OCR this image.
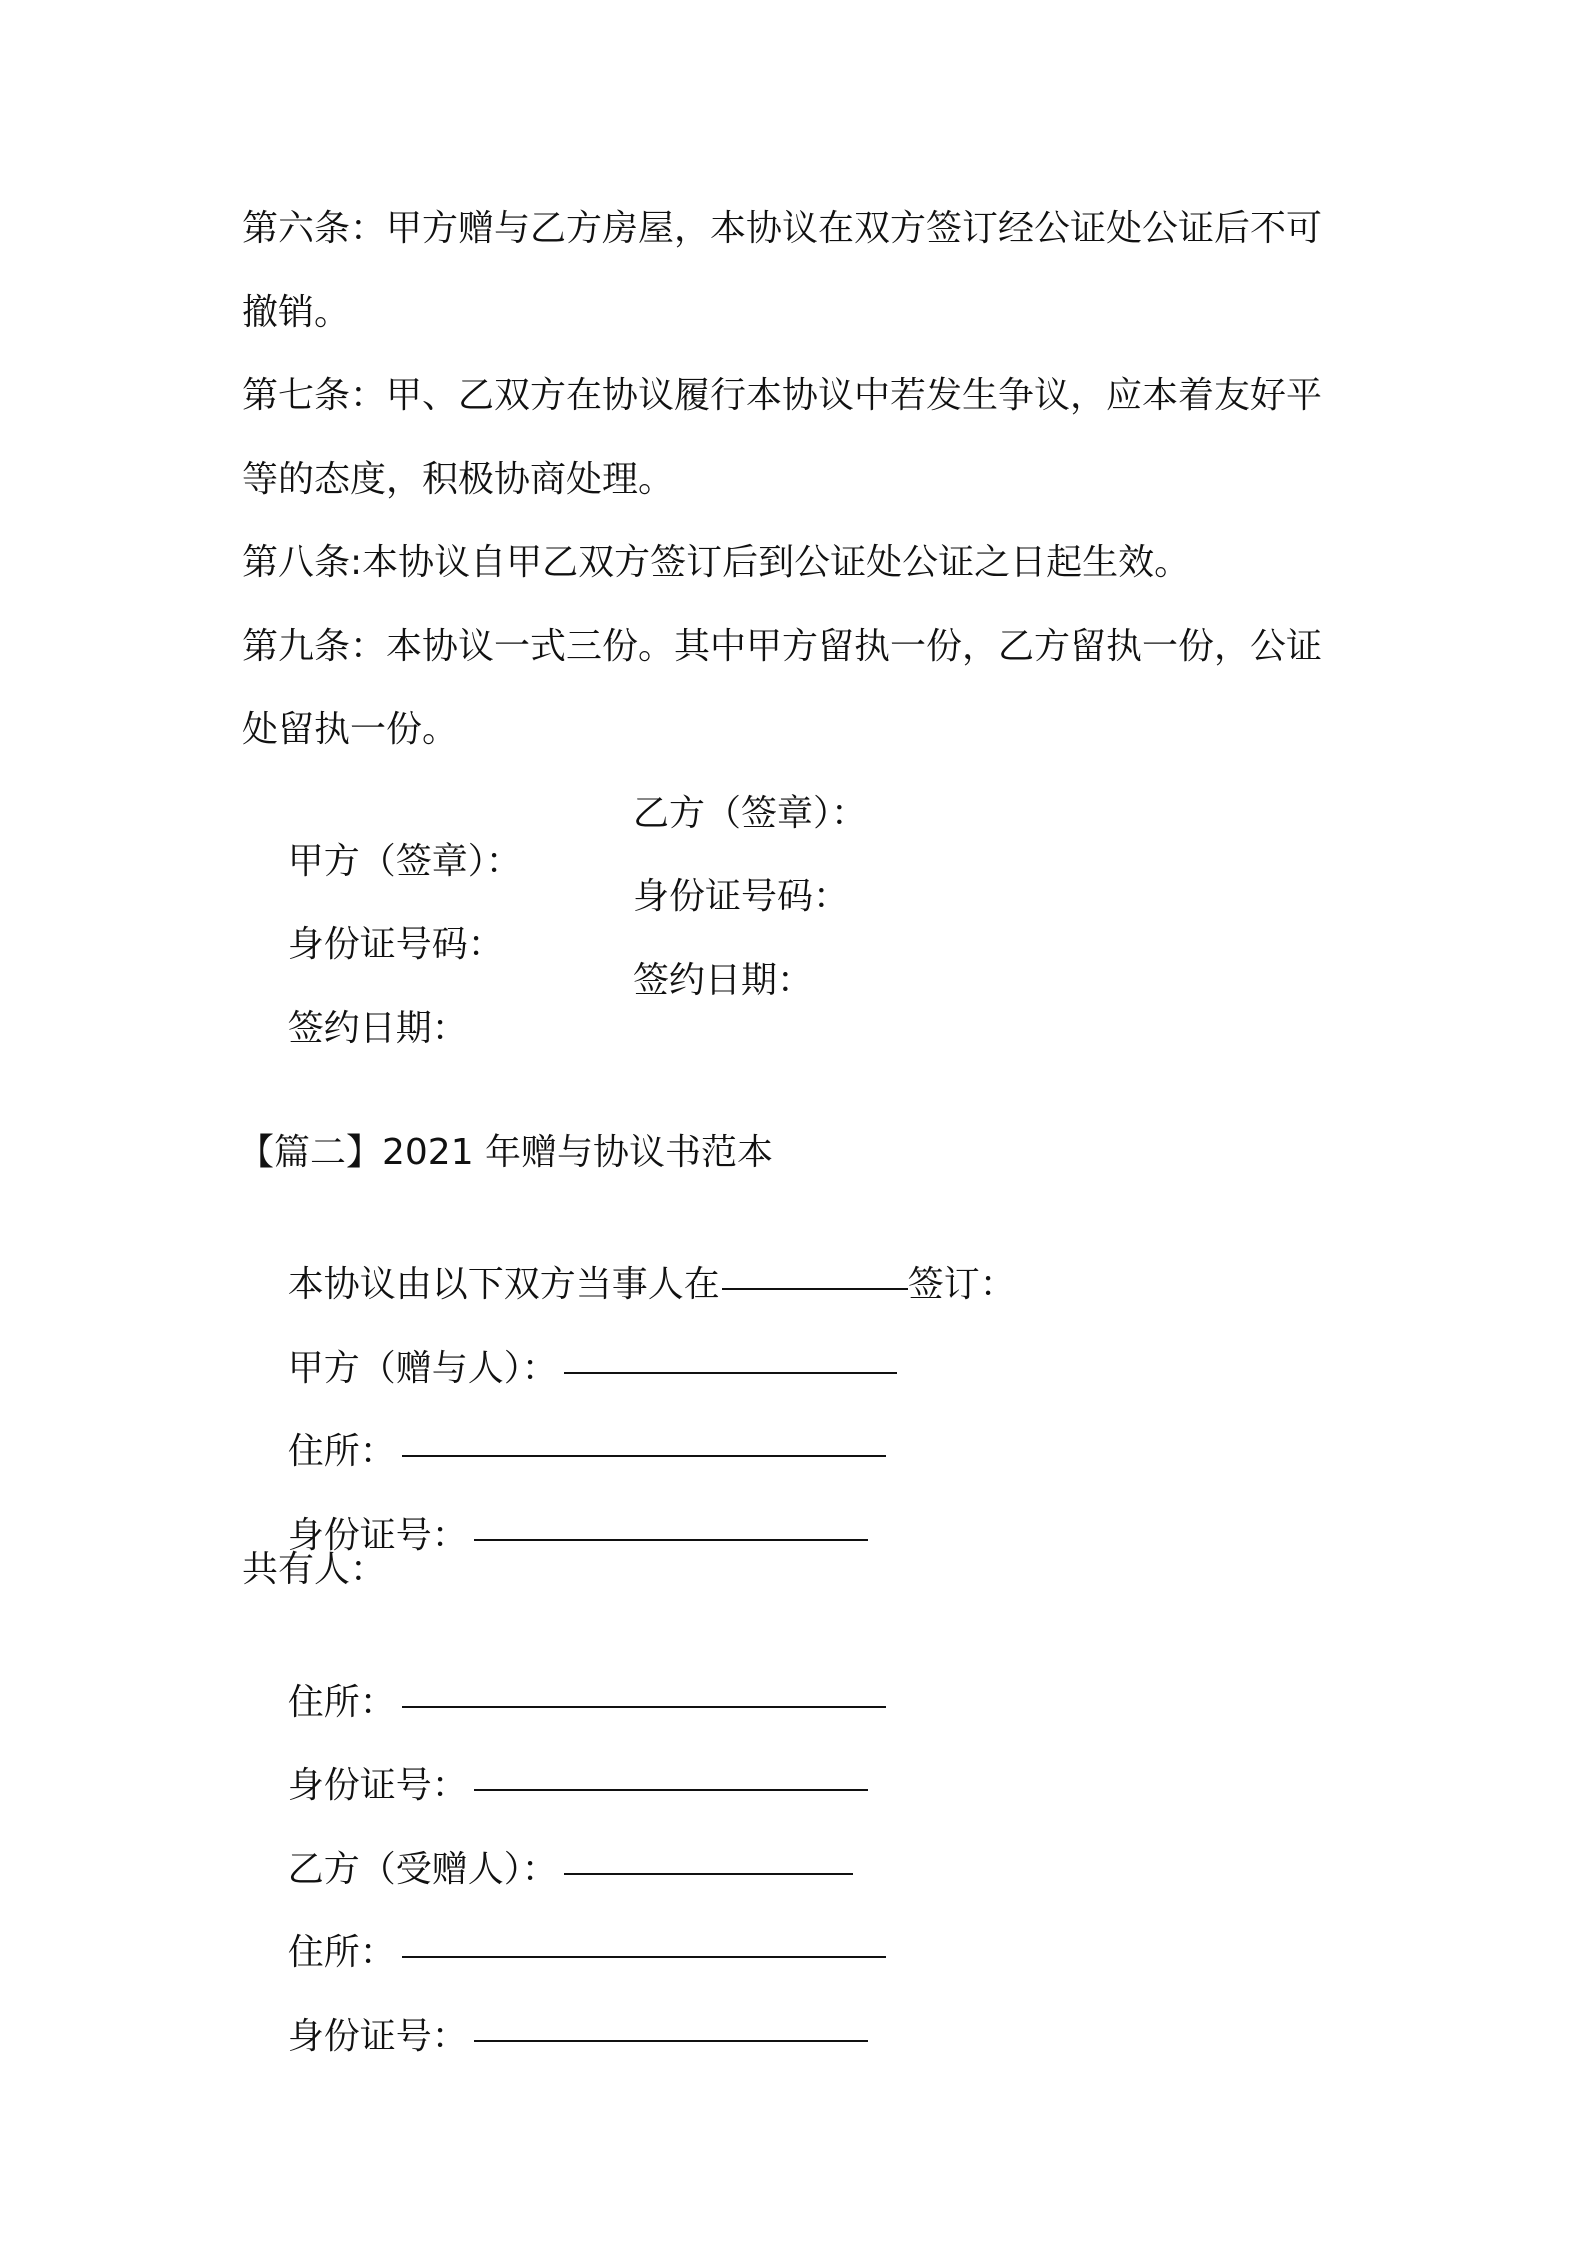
第六条：甲方赠与乙方房屋，本协议在双方签订经公证处公证后不可
撤销。
第七条：甲、乙双方在协议履行本协议中若发生争议，应本着友好平
等的态度，积极协商处理。
第八条:本协议自甲乙双方签订后到公证处公证之日起生效。
第九条：本协议一式三份。其中甲方留执一份，乙方留执一份，公证
处留执一份。

甲方（签章）：

乙方（签章）：

身份证号码：

身份证号码：

签约日期：

签约日期：

【篇二】2021 年赠与协议书范本

本协议由以下双方当事人在	签订：

甲方（赠与人）：

住所：

身份证号：

共有人：

住所：

身份证号：

乙方（受赠人）：

住所：

身份证号：
